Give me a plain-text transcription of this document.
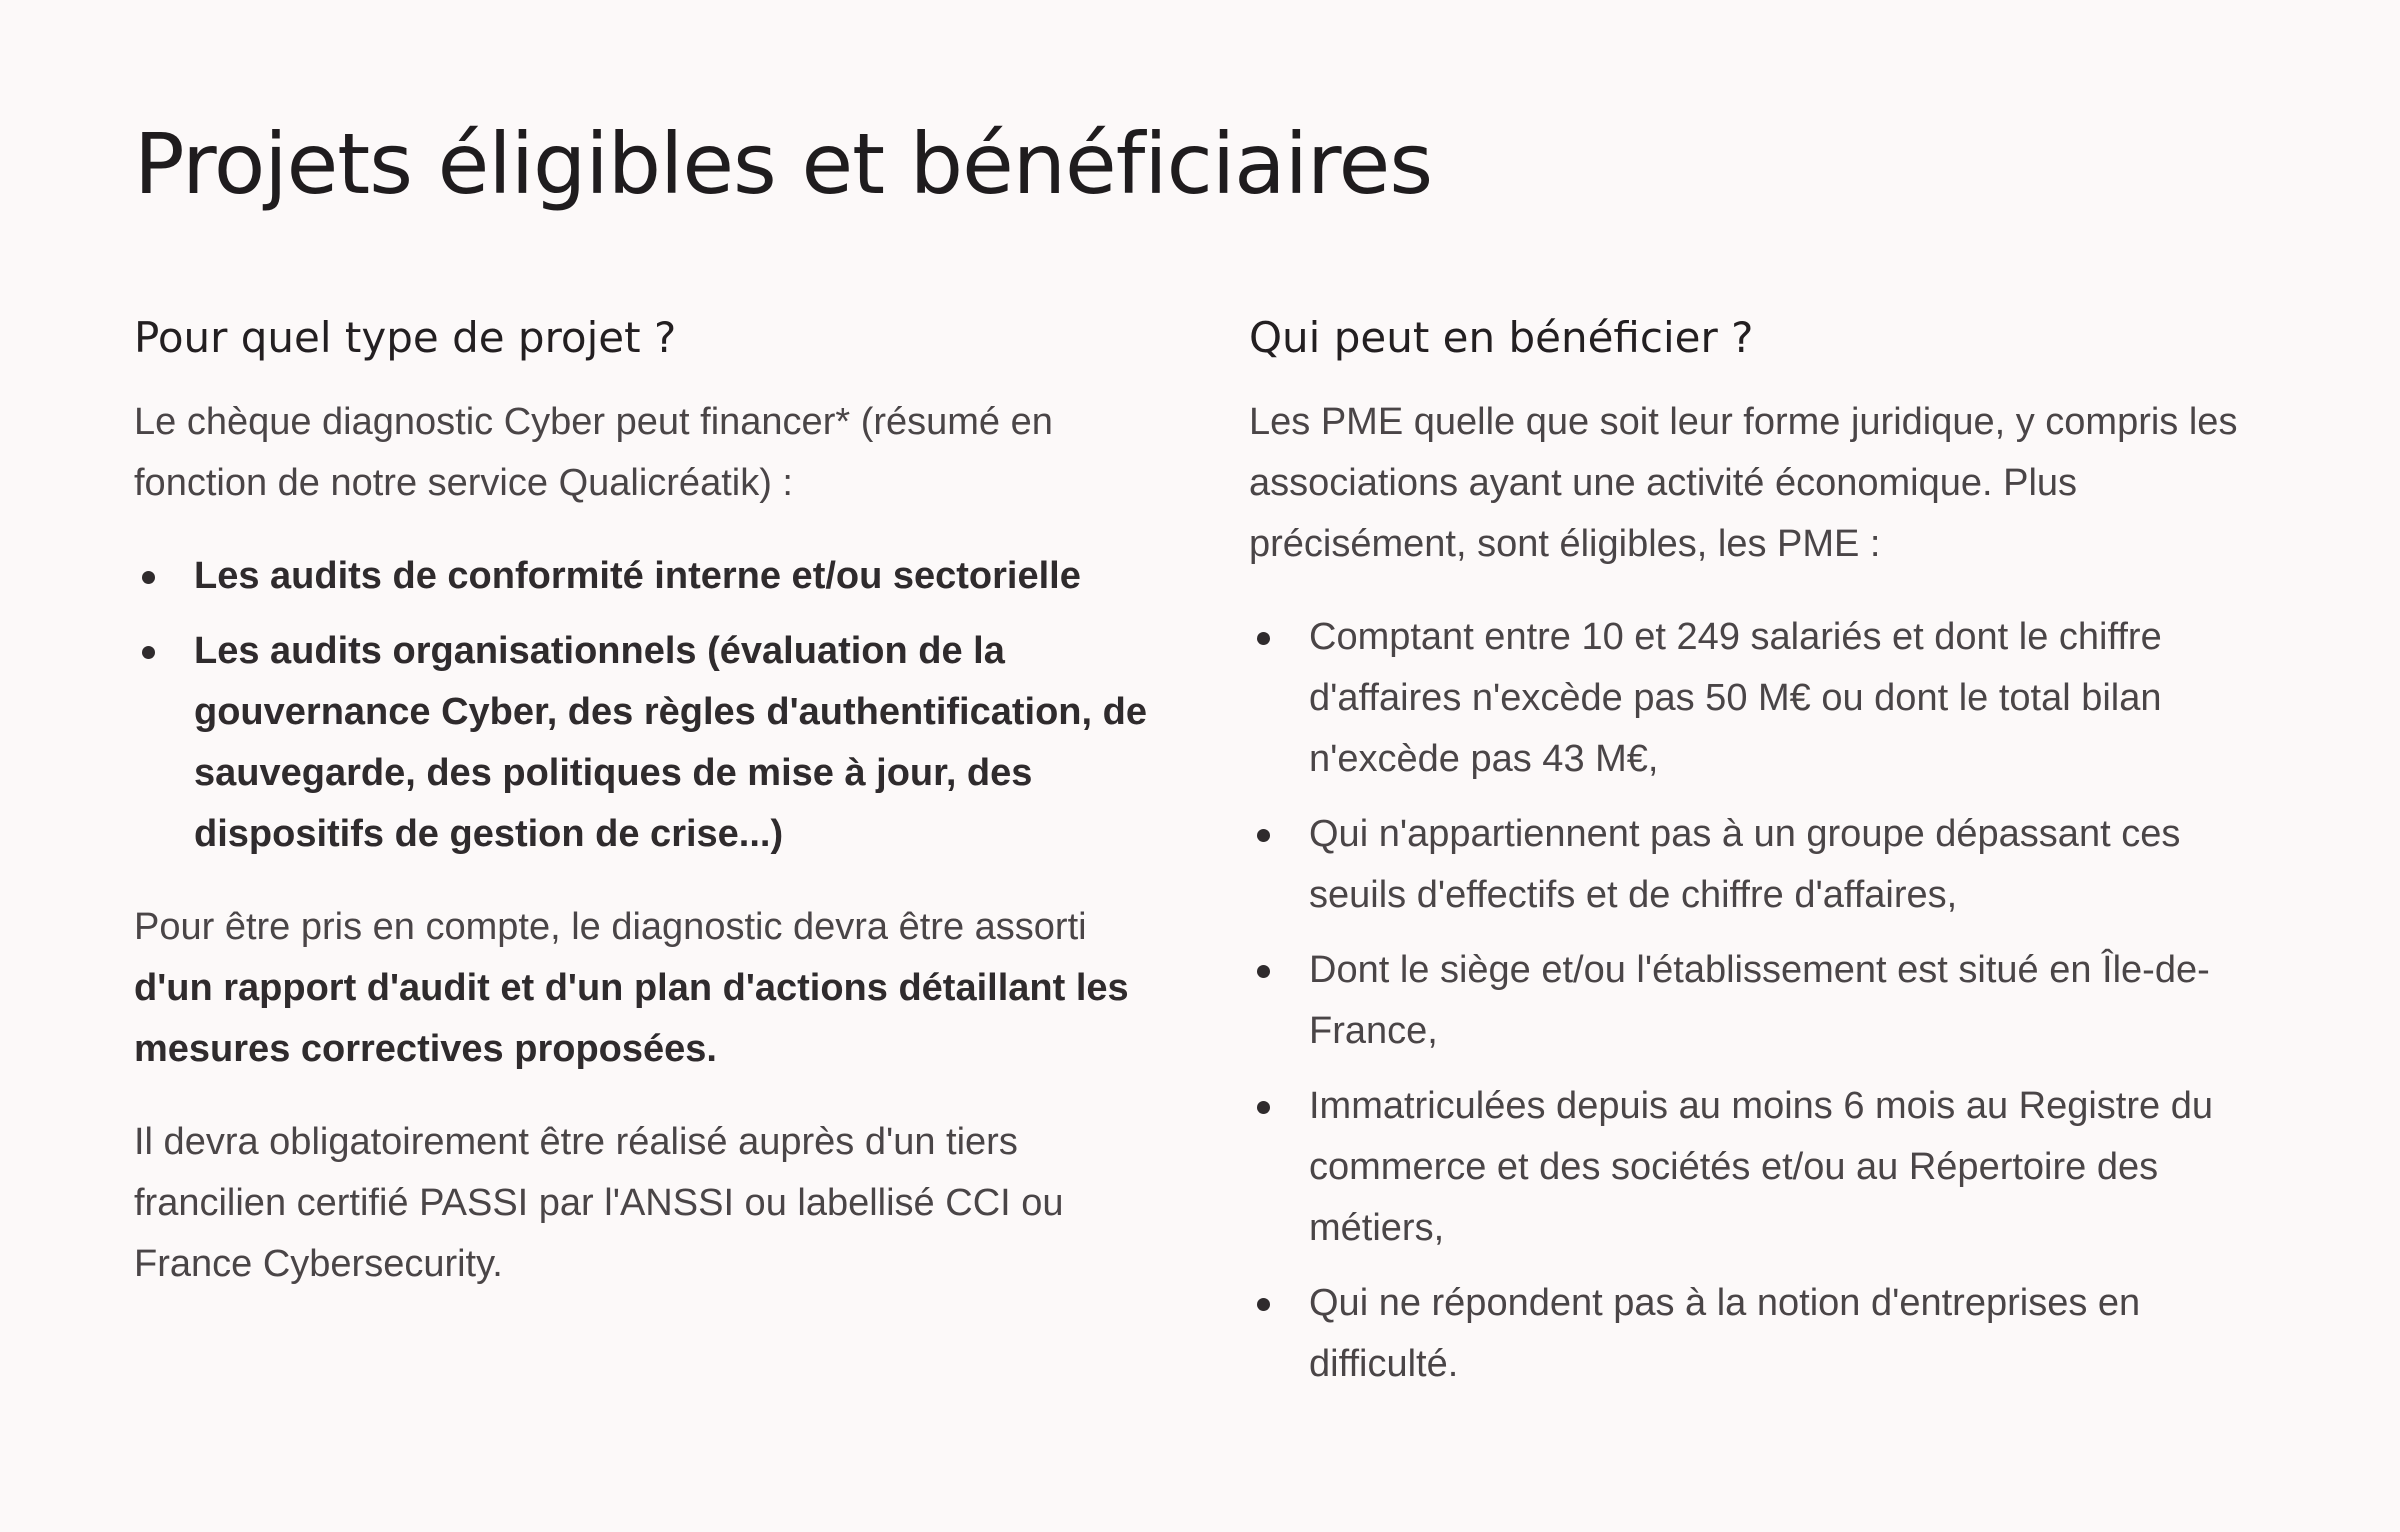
Projets éligibles et bénéficiaires
Pour quel type de projet ?

Le chèque diagnostic Cyber peut financer* (résumé en fonction de notre service Qualicréatik) :

Les audits de conformité interne et/ou sectorielle
Les audits organisationnels (évaluation de la gouvernance Cyber, des règles d'authentification, de sauvegarde, des politiques de mise à jour, des dispositifs de gestion de crise...)

Pour être pris en compte, le diagnostic devra être assorti d'un rapport d'audit et d'un plan d'actions détaillant les mesures correctives proposées.

Il devra obligatoirement être réalisé auprès d'un tiers francilien certifié PASSI par l'ANSSI ou labellisé CCI ou France Cybersecurity.

Qui peut en bénéficier ?

Les PME quelle que soit leur forme juridique, y compris les associations ayant une activité économique. Plus précisément, sont éligibles, les PME :

Comptant entre 10 et 249 salariés et dont le chiffre d'affaires n'excède pas 50 M€ ou dont le total bilan n'excède pas 43 M€,
Qui n'appartiennent pas à un groupe dépassant ces seuils d'effectifs et de chiffre d'affaires,
Dont le siège et/ou l'établissement est situé en Île-de-France,
Immatriculées depuis au moins 6 mois au Registre du commerce et des sociétés et/ou au Répertoire des métiers,
Qui ne répondent pas à la notion d'entreprises en difficulté.
